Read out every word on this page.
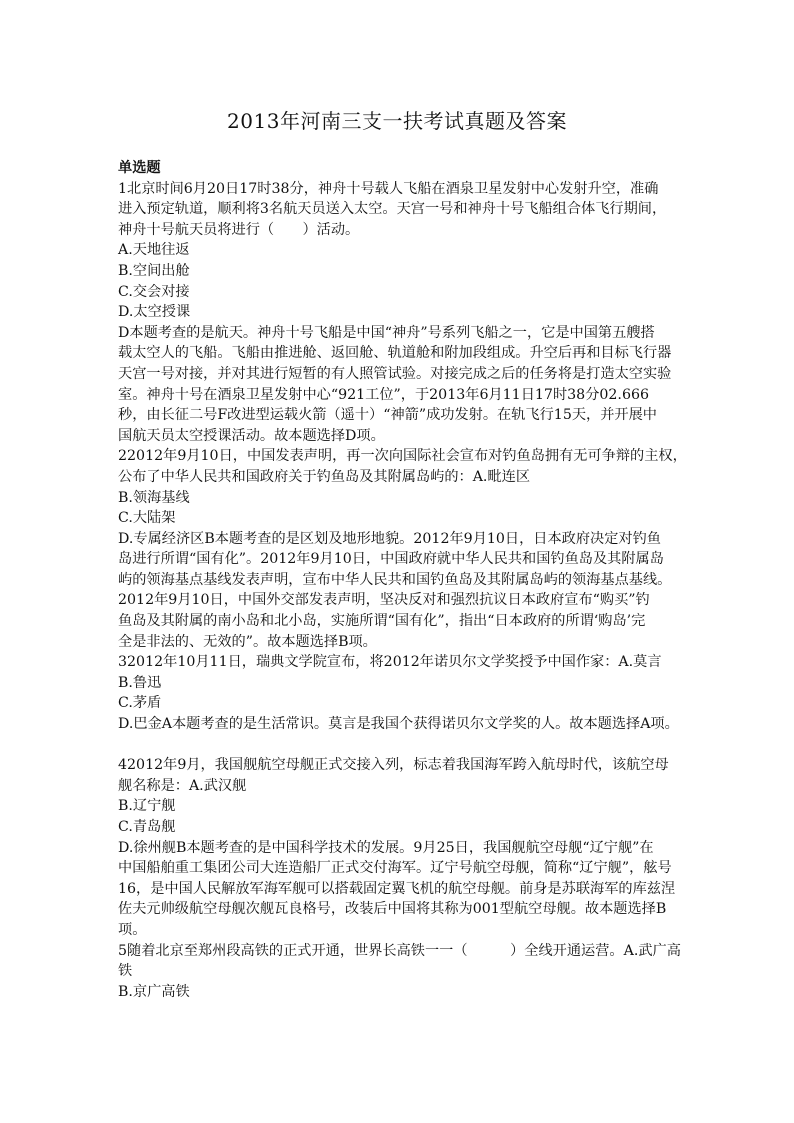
2013年河南三支一扶考试真题及答案
单选题
1北京时间6月20日17时38分，神舟十号载人飞船在酒泉卫星发射中心发射升空，准确
进入预定轨道，顺利将3名航天员送入太空。天宫一号和神舟十号飞船组合体飞行期间，
神舟十号航天员将进行（　　）活动。
A.天地往返
B.空间出舱
C.交会对接
D.太空授课
D本题考查的是航天。神舟十号飞船是中国“神舟”号系列飞船之一，它是中国第五艘搭
载太空人的飞船。飞船由推进舱、返回舱、轨道舱和附加段组成。升空后再和目标飞行器
天宫一号对接，并对其进行短暂的有人照管试验。对接完成之后的任务将是打造太空实验
室。神舟十号在酒泉卫星发射中心“921工位”，于2013年6月11日17时38分02.666
秒，由长征二号F改进型运载火箭（遥十）“神箭”成功发射。在轨飞行15天，并开展中
国航天员太空授课活动。故本题选择D项。
22012年9月10日，中国发表声明，再一次向国际社会宣布对钓鱼岛拥有无可争辩的主权，
公布了中华人民共和国政府关于钓鱼岛及其附属岛屿的：A.毗连区
B.领海基线
C.大陆架
D.专属经济区B本题考查的是区划及地形地貌。2012年9月10日，日本政府决定对钓鱼
岛进行所谓“国有化”。2012年9月10日，中国政府就中华人民共和国钓鱼岛及其附属岛
屿的领海基点基线发表声明，宣布中华人民共和国钓鱼岛及其附属岛屿的领海基点基线。
2012年9月10日，中国外交部发表声明，坚决反对和强烈抗议日本政府宣布“购买”钓
鱼岛及其附属的南小岛和北小岛，实施所谓“国有化”，指出“日本政府的所谓‘购岛’完
全是非法的、无效的”。故本题选择B项。
32012年10月11日，瑞典文学院宣布，将2012年诺贝尔文学奖授予中国作家：A.莫言
B.鲁迅
C.茅盾
D.巴金A本题考查的是生活常识。莫言是我国个获得诺贝尔文学奖的人。故本题选择A项。
42012年9月，我国舰航空母舰正式交接入列，标志着我国海军跨入航母时代，该航空母
舰名称是：A.武汉舰
B.辽宁舰
C.青岛舰
D.徐州舰B本题考查的是中国科学技术的发展。9月25日，我国舰航空母舰“辽宁舰”在
中国船舶重工集团公司大连造船厂正式交付海军。辽宁号航空母舰，简称“辽宁舰”，舷号
16，是中国人民解放军海军舰可以搭载固定翼飞机的航空母舰。前身是苏联海军的库兹涅
佐夫元帅级航空母舰次舰瓦良格号，改装后中国将其称为001型航空母舰。故本题选择B
项。
5随着北京至郑州段高铁的正式开通，世界长高铁一一（　　　）全线开通运营。A.武广高
铁
B.京广高铁
